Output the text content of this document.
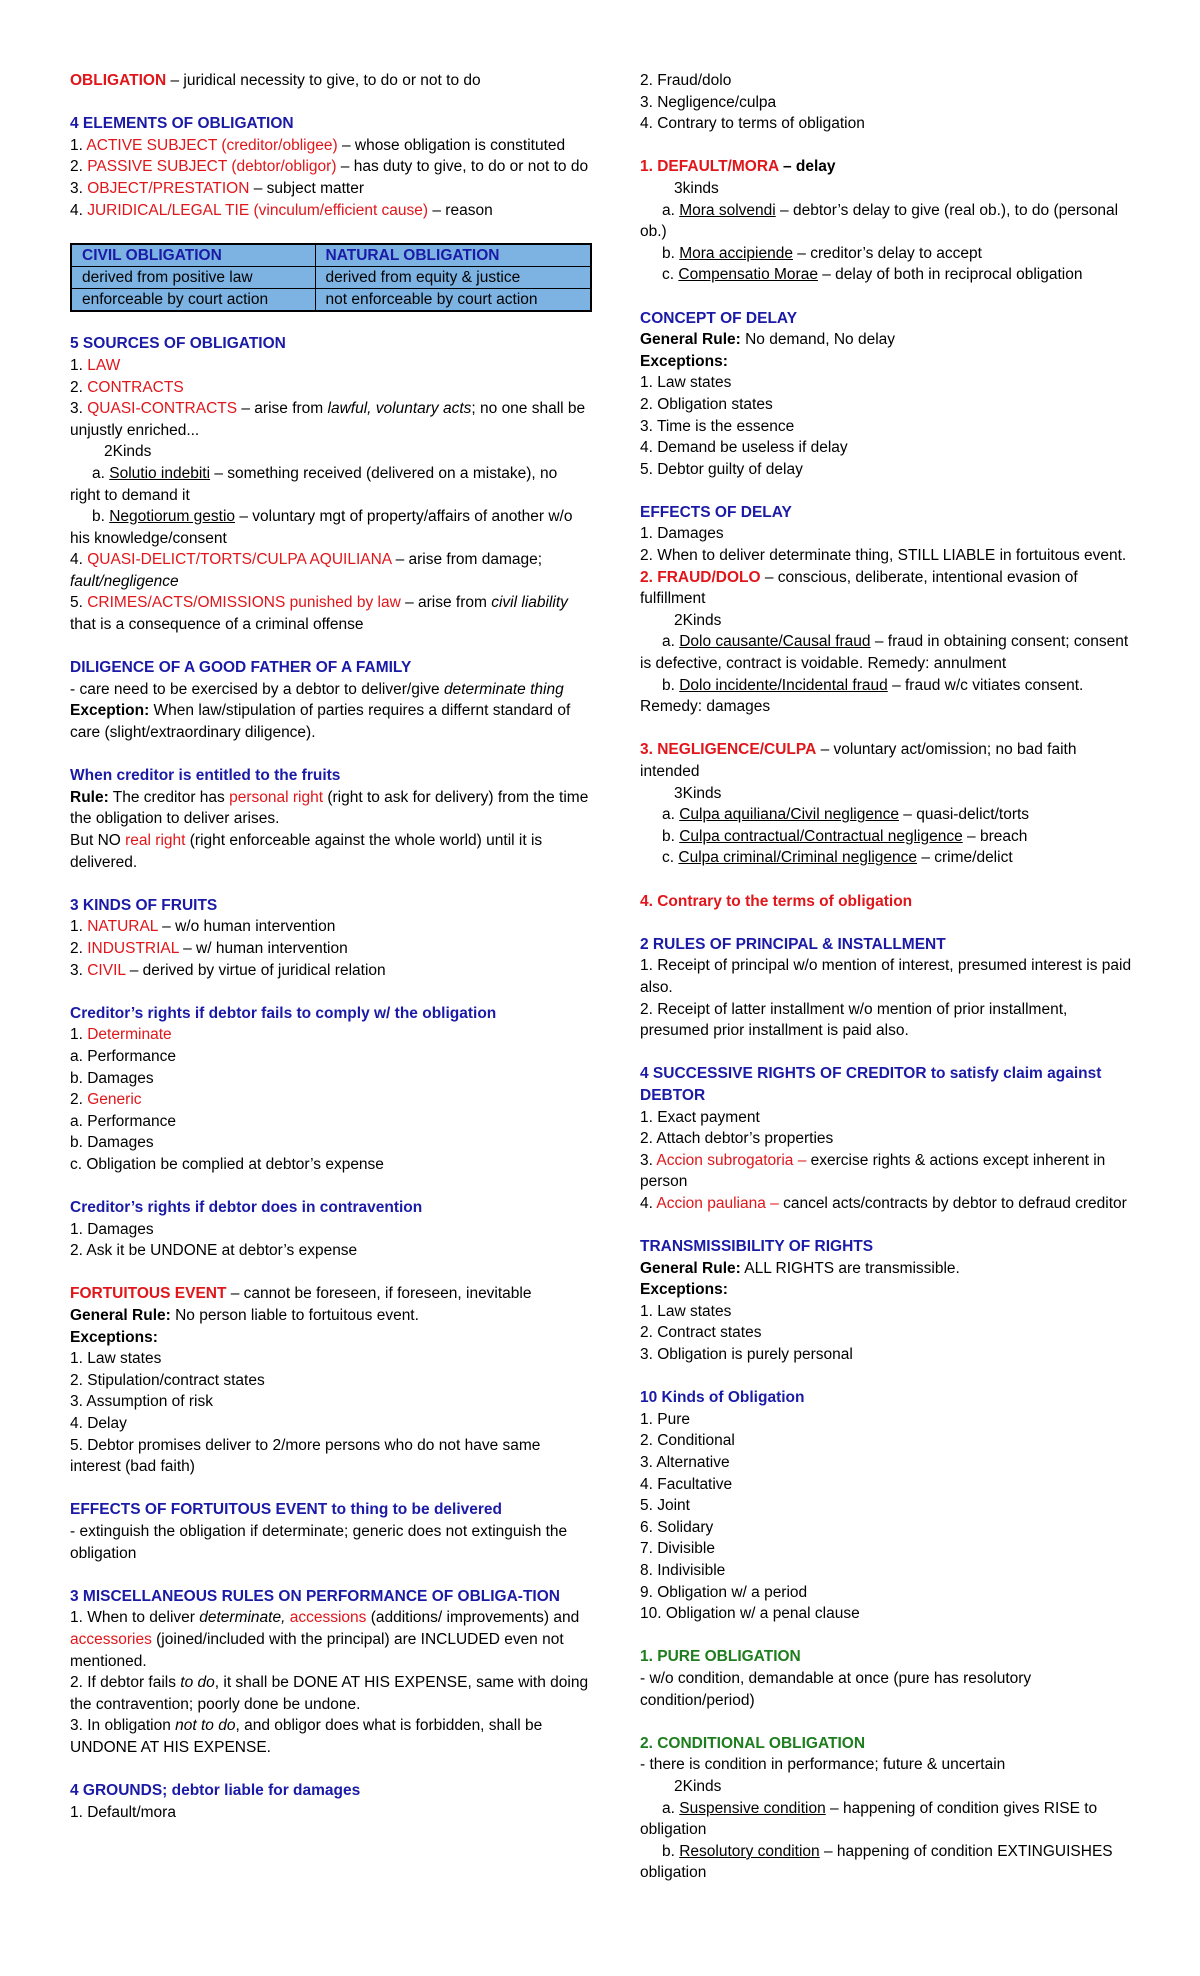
OBLIGATION – juridical necessity to give, to do or not to do
4 ELEMENTS OF OBLIGATION
1. ACTIVE SUBJECT (creditor/obligee) – whose obligation is constituted
2. PASSIVE SUBJECT (debtor/obligor) – has duty to give, to do or not to do
3. OBJECT/PRESTATION – subject matter
4. JURIDICAL/LEGAL TIE (vinculum/efficient cause) – reason
CIVIL OBLIGATION	NATURAL OBLIGATION
derived from positive law	derived from equity & justice
enforceable by court action	not enforceable by court action
5 SOURCES OF OBLIGATION
1. LAW
2. CONTRACTS
3. QUASI-CONTRACTS – arise from lawful, voluntary acts; no one shall be unjustly enriched...
2Kinds
a. Solutio indebiti – something received (delivered on a mistake), no right to demand it
b. Negotiorum gestio – voluntary mgt of property/affairs of another w/o his knowledge/consent
4. QUASI-DELICT/TORTS/CULPA AQUILIANA – arise from damage; fault/negligence
5. CRIMES/ACTS/OMISSIONS punished by law – arise from civil liability that is a consequence of a criminal offense
DILIGENCE OF A GOOD FATHER OF A FAMILY
- care need to be exercised by a debtor to deliver/give determinate thing
Exception: When law/stipulation of parties requires a differnt standard of care (slight/extraordinary diligence).
When creditor is entitled to the fruits
Rule: The creditor has personal right (right to ask for delivery) from the time the obligation to deliver arises.
But NO real right (right enforceable against the whole world) until it is delivered.
3 KINDS OF FRUITS
1. NATURAL – w/o human intervention
2. INDUSTRIAL – w/ human intervention
3. CIVIL – derived by virtue of juridical relation
Creditor’s rights if debtor fails to comply w/ the obligation
1. Determinate
a. Performance
b. Damages
2. Generic
a. Performance
b. Damages
c. Obligation be complied at debtor’s expense
Creditor’s rights if debtor does in contravention
1. Damages
2. Ask it be UNDONE at debtor’s expense
FORTUITOUS EVENT – cannot be foreseen, if foreseen, inevitable
General Rule: No person liable to fortuitous event.
Exceptions:
1. Law states
2. Stipulation/contract states
3. Assumption of risk
4. Delay
5. Debtor promises deliver to 2/more persons who do not have same interest (bad faith)
EFFECTS OF FORTUITOUS EVENT to thing to be delivered
- extinguish the obligation if determinate; generic does not extinguish the obligation
3 MISCELLANEOUS RULES ON PERFORMANCE OF OBLIGA-TION
1. When to deliver determinate, accessions (additions/ improvements) and accessories (joined/included with the principal) are INCLUDED even not mentioned.
2. If debtor fails to do, it shall be DONE AT HIS EXPENSE, same with doing the contravention; poorly done be undone.
3. In obligation not to do, and obligor does what is forbidden, shall be UNDONE AT HIS EXPENSE.
4 GROUNDS; debtor liable for damages
1. Default/mora
2. Fraud/dolo
3. Negligence/culpa
4. Contrary to terms of obligation
1. DEFAULT/MORA – delay
3kinds
a. Mora solvendi – debtor’s delay to give (real ob.), to do (personal ob.)
b. Mora accipiende – creditor’s delay to accept
c. Compensatio Morae – delay of both in reciprocal obligation
CONCEPT OF DELAY
General Rule: No demand, No delay
Exceptions:
1. Law states
2. Obligation states
3. Time is the essence
4. Demand be useless if delay
5. Debtor guilty of delay
EFFECTS OF DELAY
1. Damages
2. When to deliver determinate thing, STILL LIABLE in fortuitous event.
2. FRAUD/DOLO – conscious, deliberate, intentional evasion of fulfillment
2Kinds
a. Dolo causante/Causal fraud – fraud in obtaining consent; consent is defective, contract is voidable. Remedy: annulment
b. Dolo incidente/Incidental fraud – fraud w/c vitiates consent. Remedy: damages
3. NEGLIGENCE/CULPA – voluntary act/omission; no bad faith intended
3Kinds
a. Culpa aquiliana/Civil negligence – quasi-delict/torts
b. Culpa contractual/Contractual negligence – breach
c. Culpa criminal/Criminal negligence – crime/delict
4. Contrary to the terms of obligation
2 RULES OF PRINCIPAL & INSTALLMENT
1. Receipt of principal w/o mention of interest, presumed interest is paid also.
2. Receipt of latter installment w/o mention of prior installment, presumed prior installment is paid also.
4 SUCCESSIVE RIGHTS OF CREDITOR to satisfy claim against DEBTOR
1. Exact payment
2. Attach debtor’s properties
3. Accion subrogatoria – exercise rights & actions except inherent in person
4. Accion pauliana – cancel acts/contracts by debtor to defraud creditor
TRANSMISSIBILITY OF RIGHTS
General Rule: ALL RIGHTS are transmissible.
Exceptions:
1. Law states
2. Contract states
3. Obligation is purely personal
10 Kinds of Obligation
1. Pure
2. Conditional
3. Alternative
4. Facultative
5. Joint
6. Solidary
7. Divisible
8. Indivisible
9. Obligation w/ a period
10. Obligation w/ a penal clause
1. PURE OBLIGATION
- w/o condition, demandable at once (pure has resolutory condition/period)
2. CONDITIONAL OBLIGATION
- there is condition in performance; future & uncertain
2Kinds
a. Suspensive condition – happening of condition gives RISE to obligation
b. Resolutory condition – happening of condition EXTINGUISHES obligation
